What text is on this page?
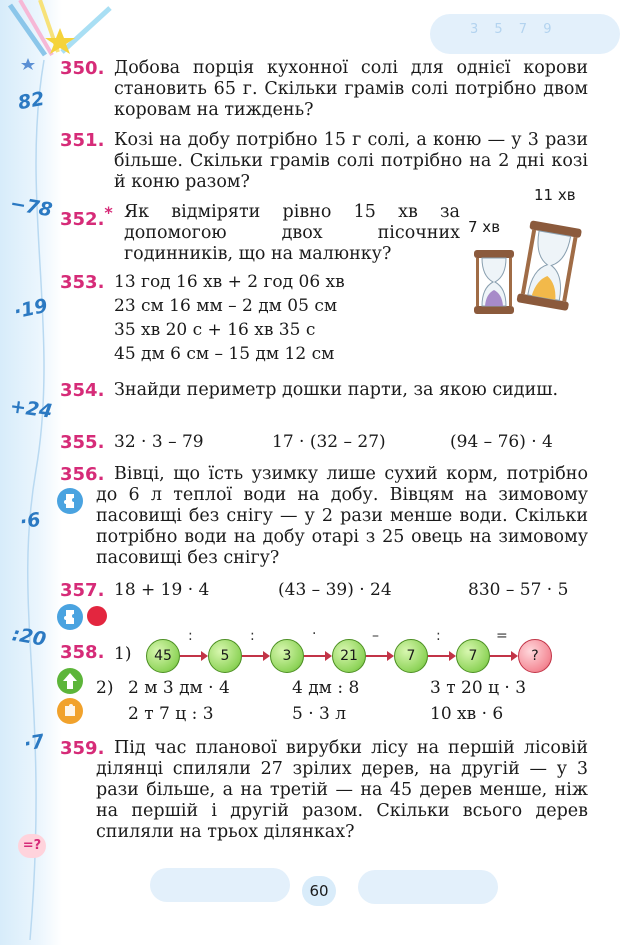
82
−78
·19
+24
·6
:20
·7
3 5 7 9
350. Добова порція кухонної солі для однієї корови становить 65 г. Скільки грамів солі потрібно двом коровам на тиждень?
351. Козі на добу потрібно 15 г солі, а коню — у 3 рази більше. Скільки грамів солі потрібно на 2 дні козі й коню разом?
352.* Як відміряти рівно 15 хв за допомогою двох пісочних годинників, що на малюнку?
7 хв
11 хв
353. 13 год 16 хв + 2 год 06 хв
23 см 16 мм – 2 дм 05 см
35 хв 20 с + 16 хв 35 с
45 дм 6 см – 15 дм 12 см
354. Знайди периметр дошки парти, за якою сидиш.
355. 32 · 3 – 79	17 · (32 – 27)	(94 – 76) · 4
356. Вівці, що їсть узимку лише сухий корм, потрібно до 6 л теплої води на добу. Вівцям на зимовому пасовищі без снігу — у 2 рази менше води. Скільки потрібно води на добу отарі з 25 овець на зимовому пасовищі без снігу?
357. 18 + 19 · 4	(43 – 39) · 24	830 – 57 · 5
358. 1)
2) 2 м 3 дм · 4	4 дм : 8	3 т 20 ц · 3
2 т 7 ц : 3	5 · 3 л	10 хв · 6
45	5	3	21	7	7	?
:	:	·	–	:	=
359. Під час планової вирубки лісу на першій лісовій ділянці спиляли 27 зрілих дерев, на другій — у 3 рази більше, а на третій — на 45 дерев менше, ніж на першій і другій разом. Скільки всього дерев спиляли на трьох ділянках?
=?
60
